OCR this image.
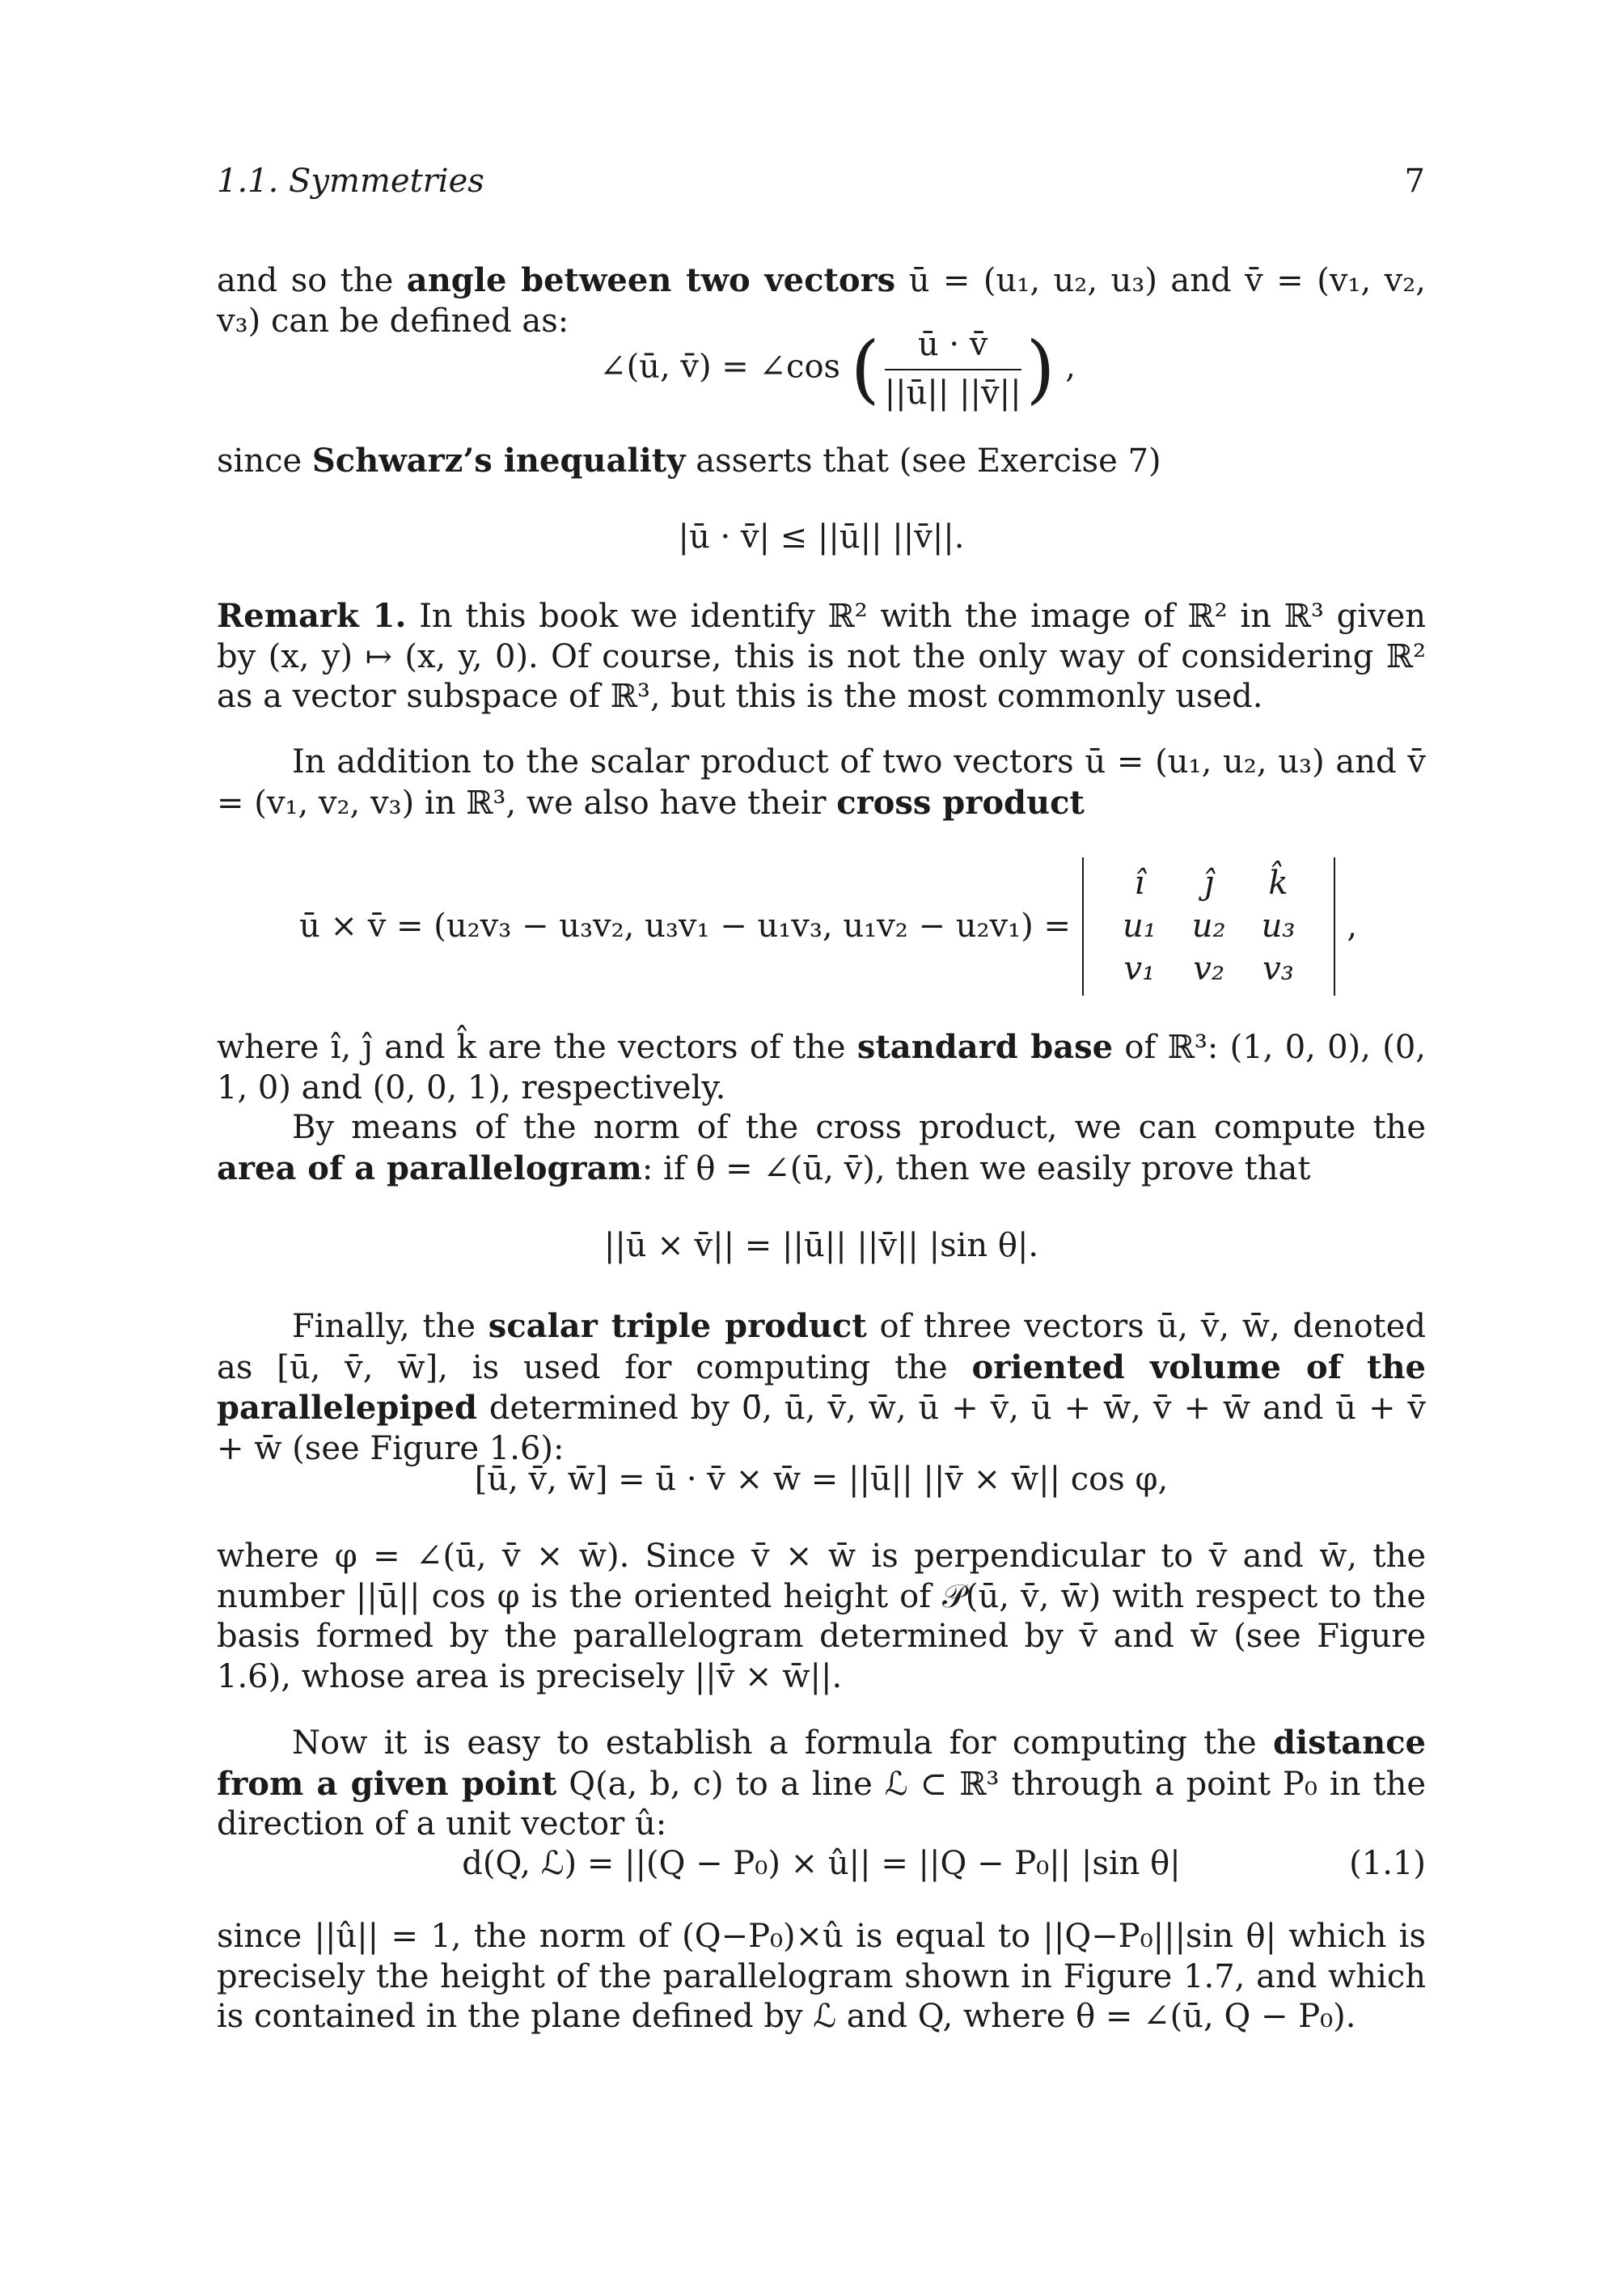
1.1. Symmetries	7
and so the angle between two vectors ū = (u₁, u₂, u₃) and v̄ = (v₁, v₂, v₃) can be defined as:
∠(ū, v̄) = ∠cos ( $\frac{ū \cdot v̄}{||ū|| ||v̄||}$ ) ,
since Schwarz’s inequality asserts that (see Exercise 7)
|ū · v̄| ≤ ||ū|| ||v̄||.
Remark 1. In this book we identify ℝ² with the image of ℝ² in ℝ³ given by (x, y) ↦ (x, y, 0). Of course, this is not the only way of considering ℝ² as a vector subspace of ℝ³, but this is the most commonly used.
In addition to the scalar product of two vectors ū = (u₁, u₂, u₃) and v̄ = (v₁, v₂, v₃) in ℝ³, we also have their cross product
ū × v̄ = (u₂v₃ − u₃v₂, u₃v₁ − u₁v₃, u₁v₂ − u₂v₁) =
î	ĵ	k̂
u₁	u₂	u₃
v₁	v₂	v₃
,
where î, ĵ and k̂ are the vectors of the standard base of ℝ³: (1, 0, 0), (0, 1, 0) and (0, 0, 1), respectively.
By means of the norm of the cross product, we can compute the area of a parallelogram: if θ = ∠(ū, v̄), then we easily prove that
||ū × v̄|| = ||ū|| ||v̄|| |sin θ|.
Finally, the scalar triple product of three vectors ū, v̄, w̄, denoted as [ū, v̄, w̄], is used for computing the oriented volume of the parallelepiped determined by 0̄, ū, v̄, w̄, ū + v̄, ū + w̄, v̄ + w̄ and ū + v̄ + w̄ (see Figure 1.6):
[ū, v̄, w̄] = ū · v̄ × w̄ = ||ū|| ||v̄ × w̄|| cos φ,
where φ = ∠(ū, v̄ × w̄). Since v̄ × w̄ is perpendicular to v̄ and w̄, the number ||ū|| cos φ is the oriented height of 𝒫(ū, v̄, w̄) with respect to the basis formed by the parallelogram determined by v̄ and w̄ (see Figure 1.6), whose area is precisely ||v̄ × w̄||.
Now it is easy to establish a formula for computing the distance from a given point Q(a, b, c) to a line ℒ ⊂ ℝ³ through a point P₀ in the direction of a unit vector û:
d(Q, ℒ) = ||(Q − P₀) × û|| = ||Q − P₀|| |sin θ|	(1.1)
since ||û|| = 1, the norm of (Q−P₀)×û is equal to ||Q−P₀|||sin θ| which is precisely the height of the parallelogram shown in Figure 1.7, and which is contained in the plane defined by ℒ and Q, where θ = ∠(ū, Q − P₀).
